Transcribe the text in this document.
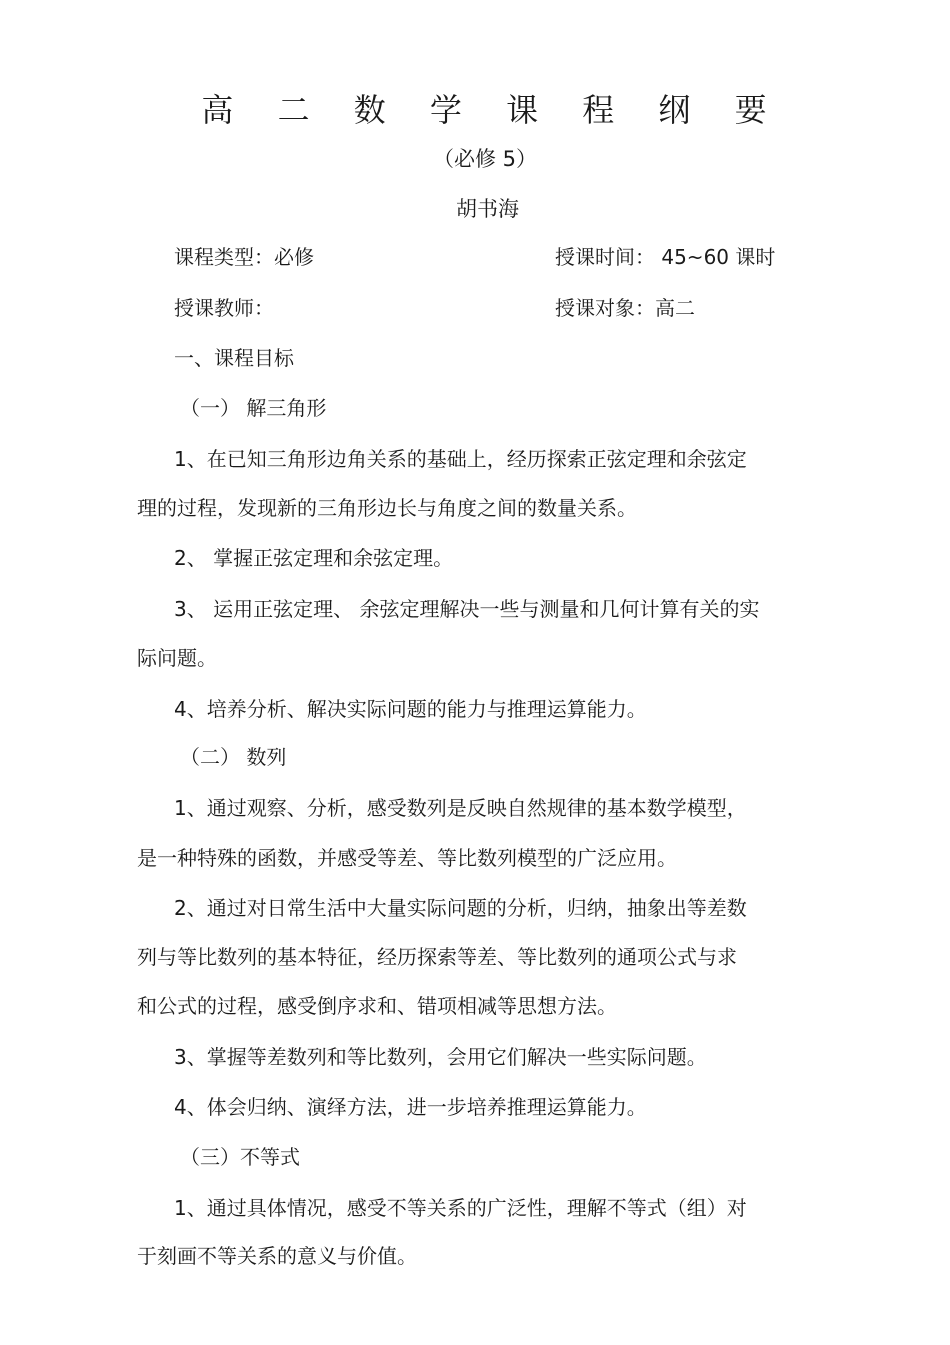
高 二 数 学 课 程 纲 要
（必修 5）
胡书海
课程类型：必修	授课时间： 45~60 课时
授课教师：	授课对象：高二
一、课程目标
（一） 解三角形
1、在已知三角形边角关系的基础上，经历探索正弦定理和余弦定
理的过程，发现新的三角形边长与角度之间的数量关系。
2、 掌握正弦定理和余弦定理。
3、 运用正弦定理、 余弦定理解决一些与测量和几何计算有关的实
际问题。
4、培养分析、解决实际问题的能力与推理运算能力。
（二） 数列
1、通过观察、分析，感受数列是反映自然规律的基本数学模型，
是一种特殊的函数，并感受等差、等比数列模型的广泛应用。
2、通过对日常生活中大量实际问题的分析，归纳，抽象出等差数
列与等比数列的基本特征，经历探索等差、等比数列的通项公式与求
和公式的过程，感受倒序求和、错项相减等思想方法。
3、掌握等差数列和等比数列，会用它们解决一些实际问题。
4、体会归纳、演绎方法，进一步培养推理运算能力。
（三）不等式
1、通过具体情况，感受不等关系的广泛性，理解不等式（组）对
于刻画不等关系的意义与价值。
